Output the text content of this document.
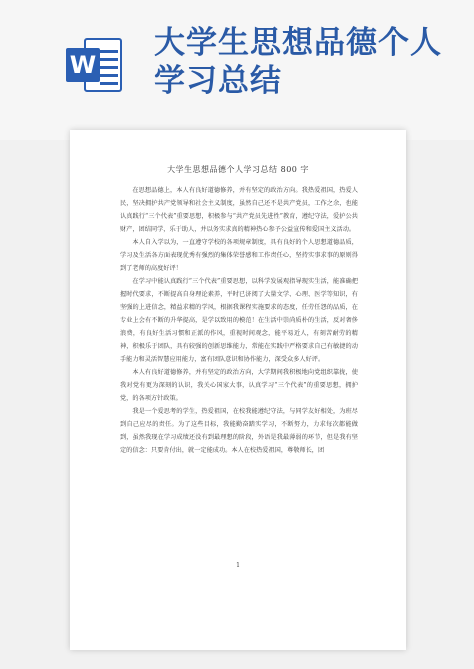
W
大学生思想品德个人学习总结
大学生思想品德个人学习总结 800 字

在思想品德上，本人有良好道德修养，并有坚定的政治方向。我热爱祖国，热爱人民，坚决拥护共产党领导和社会主义制度，虽然自己还不是共产党员，工作之余，也能认真践行“三个代表”重要思想，积极参与“共产党员先进性”教育，遵纪守法，爱护公共财产，团结同学，乐于助人，并以务实求真的精神热心参予公益宣传和爱国主义活动。

本人自入学以为，一直遵守学校的各项规章制度，具有良好的个人思想道德品质，学习及生活各方面表现优秀有强烈的集体荣誉感和工作责任心，坚持实事求事的原则得到了老师的高度好评！

在学习中能认真践行“三个代表”重要思想，以科学发展观指导现实生活，能准确把握时代要求，不断提高自身理论素养，平时已济阅了大量文学、心理、医学等知识，有坚强的上进信念，精益求精的学风，根据我课程实施要求的态度，任劳任怨的品质，在专业上会有不断的升华提高，是学以致用的模范！在生活中崇尚质朴的生活，反对奢侈浪费，有良好生活习惯和正派的作风，重视时间观念，能平易近人，有刻苦耐劳的精神，积极乐于团队，具有较强的创新思维能力，常能在实践中严格要求自己有敏捷的动手能力和灵活智慧应用能力，富有团队意识和协作能力，深受众多人好评。

本人有良好道德修养，并有坚定的政治方向，大学期间我积极地向党组织靠拢，使我对党有更为深刻的认识，我关心国家大事，认真学习“三个代表”的重要思想，拥护党，的各项方针政策。

我是一个爱思考的学生，热爱祖国，在校我能遵纪守法，与同学友好相处，为班尽到自己应尽的责任。为了这些目标，我能勤奋踏实学习，不断努力，力求每次都能做到，虽然我现在学习成绩还没有到最理想的阶段，外语是我最薄弱的环节，但是我有坚定的信念：只要肯付出，就一定能成功。本人在校热爱祖国，尊敬师长，团

1
